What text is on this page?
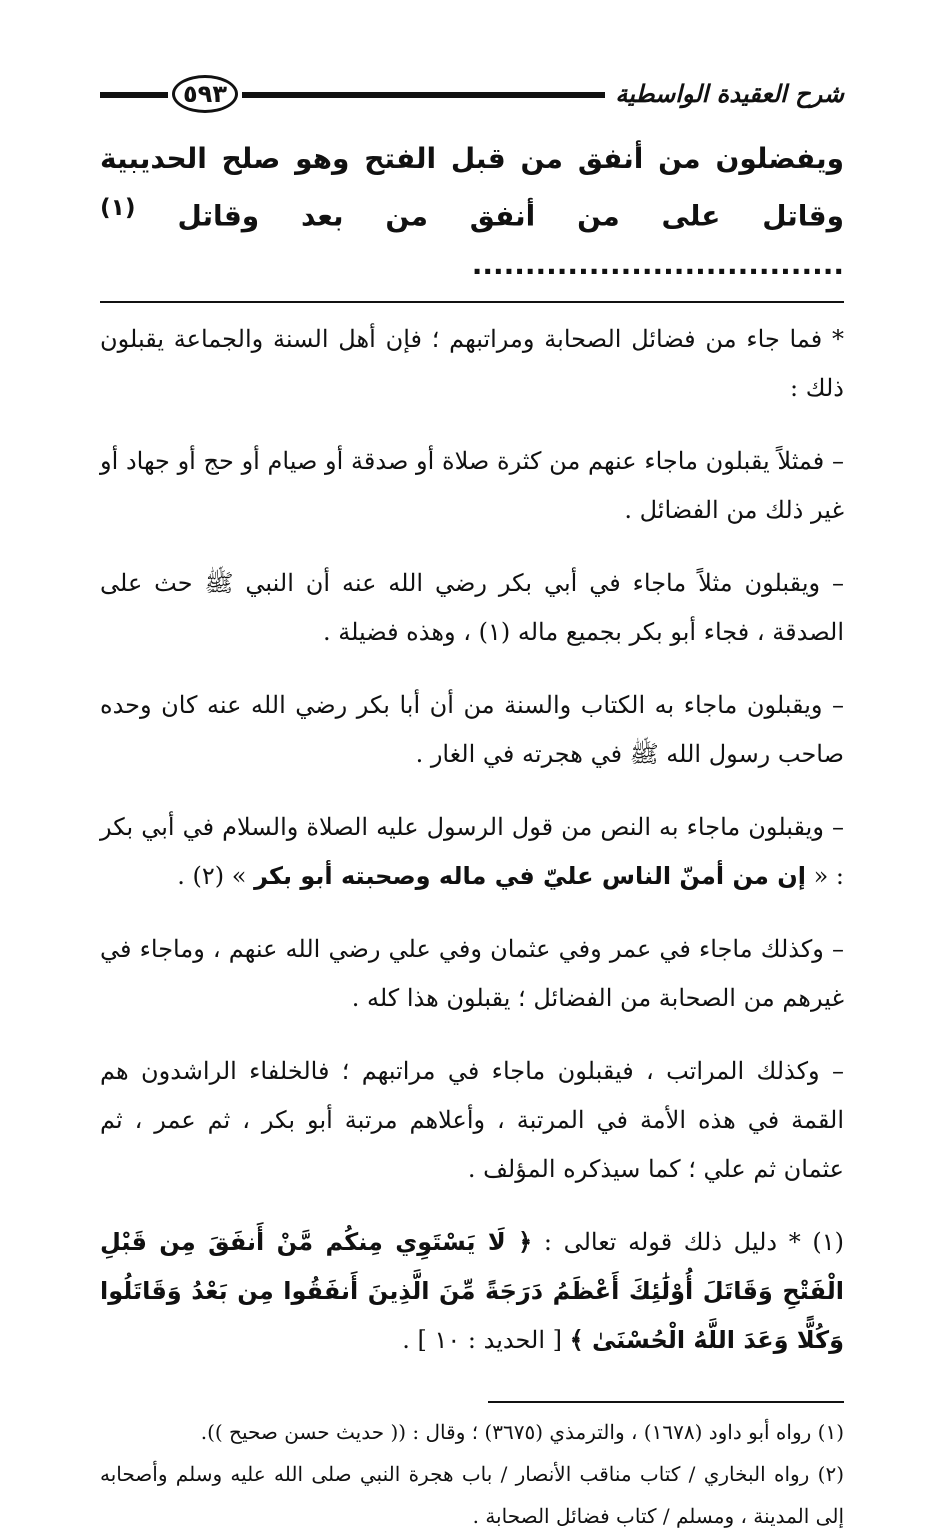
شرح العقيدة الواسطية
٥٩٣
ويفضلون من أنفق من قبل الفتح وهو صلح الحديبية وقاتل على من أنفق من بعد وقاتل $^{(١)}$ ...................................

* فما جاء من فضائل الصحابة ومراتبهم ؛ فإن أهل السنة والجماعة يقبلون ذلك :

– فمثلاً يقبلون ماجاء عنهم من كثرة صلاة أو صدقة أو صيام أو حج أو جهاد أو غير ذلك من الفضائل .

– ويقبلون مثلاً ماجاء في أبي بكر رضي الله عنه أن النبي ﷺ حث على الصدقة ، فجاء أبو بكر بجميع ماله (١) ، وهذه فضيلة .

– ويقبلون ماجاء به الكتاب والسنة من أن أبا بكر رضي الله عنه كان وحده صاحب رسول الله ﷺ في هجرته في الغار .

– ويقبلون ماجاء به النص من قول الرسول عليه الصلاة والسلام في أبي بكر : « إن من أمنّ الناس عليّ في ماله وصحبته أبو بكر » (٢) .

– وكذلك ماجاء في عمر وفي عثمان وفي علي رضي الله عنهم ، وماجاء في غيرهم من الصحابة من الفضائل ؛ يقبلون هذا كله .

– وكذلك المراتب ، فيقبلون ماجاء في مراتبهم ؛ فالخلفاء الراشدون هم القمة في هذه الأمة في المرتبة ، وأعلاهم مرتبة أبو بكر ، ثم عمر ، ثم عثمان ثم علي ؛ كما سيذكره المؤلف .

(١) * دليل ذلك قوله تعالى : ﴿ لَا يَسْتَوِي مِنكُم مَّنْ أَنفَقَ مِن قَبْلِ الْفَتْحِ وَقَاتَلَ أُوْلَٰئِكَ أَعْظَمُ دَرَجَةً مِّنَ الَّذِينَ أَنفَقُوا مِن بَعْدُ وَقَاتَلُوا وَكُلًّا وَعَدَ اللَّهُ الْحُسْنَىٰ ﴾ [ الحديد : ١٠ ] .

(١) رواه أبو داود (١٦٧٨) ، والترمذي (٣٦٧٥) ؛ وقال : (( حديث حسن صحيح )).

(٢) رواه البخاري / كتاب مناقب الأنصار / باب هجرة النبي صلى الله عليه وسلم وأصحابه إلى المدينة ، ومسلم / كتاب فضائل الصحابة .
